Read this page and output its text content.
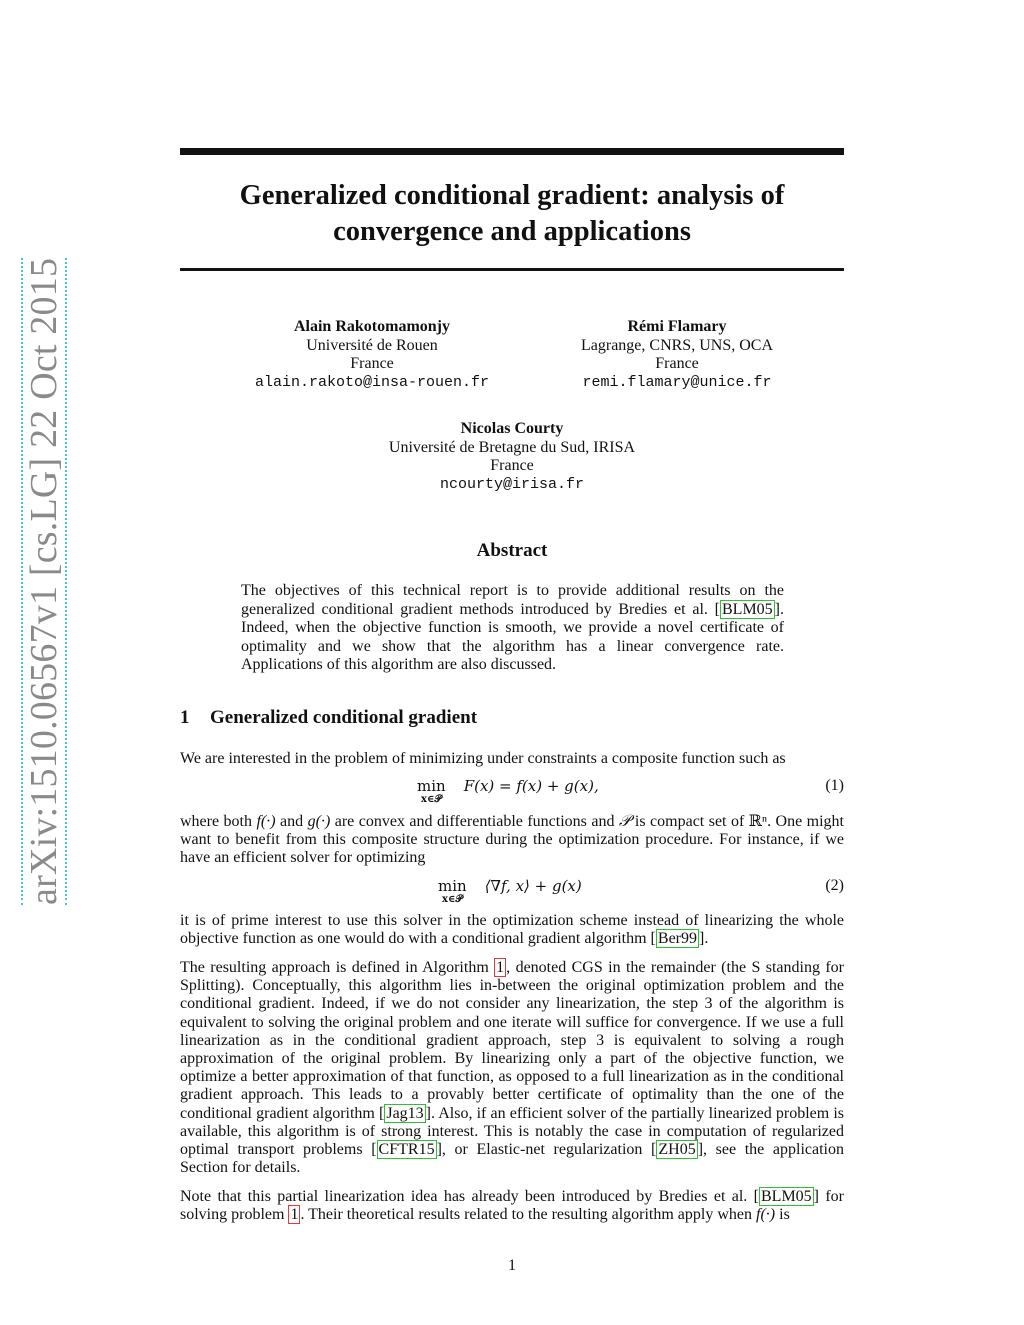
arXiv:1510.06567v1 [cs.LG] 22 Oct 2015
Generalized conditional gradient: analysis of
convergence and applications
Alain Rakotomamonjy
Université de Rouen
France
alain.rakoto@insa-rouen.fr
Rémi Flamary
Lagrange, CNRS, UNS, OCA
France
remi.flamary@unice.fr
Nicolas Courty
Université de Bretagne du Sud, IRISA
France
ncourty@irisa.fr
Abstract
The objectives of this technical report is to provide additional results on the generalized conditional gradient methods introduced by Bredies et al. [ BLM05 ]. Indeed, when the objective function is smooth, we provide a novel certificate of optimality and we show that the algorithm has a linear convergence rate. Applications of this algorithm are also discussed.
1 Generalized conditional gradient

We are interested in the problem of minimizing under constraints a composite function such as

min
x∈𝒫
F(x) = f(x) + g(x),	(1)

where both f(·) and g(·) are convex and differentiable functions and 𝒫 is compact set of ℝⁿ. One might want to benefit from this composite structure during the optimization procedure. For instance, if we have an efficient solver for optimizing

min
x∈𝒫
⟨∇f, x⟩ + g(x)	(2)

it is of prime interest to use this solver in the optimization scheme instead of linearizing the whole objective function as one would do with a conditional gradient algorithm [ Ber99 ].

The resulting approach is defined in Algorithm 1 , denoted CGS in the remainder (the S standing for Splitting). Conceptually, this algorithm lies in-between the original optimization problem and the conditional gradient. Indeed, if we do not consider any linearization, the step 3 of the algorithm is equivalent to solving the original problem and one iterate will suffice for convergence. If we use a full linearization as in the conditional gradient approach, step 3 is equivalent to solving a rough approximation of the original problem. By linearizing only a part of the objective function, we optimize a better approximation of that function, as opposed to a full linearization as in the conditional gradient approach. This leads to a provably better certificate of optimality than the one of the conditional gradient algorithm [ Jag13 ]. Also, if an efficient solver of the partially linearized problem is available, this algorithm is of strong interest. This is notably the case in computation of regularized optimal transport problems [ CFTR15 ], or Elastic-net regularization [ ZH05 ], see the application Section for details.

Note that this partial linearization idea has already been introduced by Bredies et al. [ BLM05 ] for solving problem 1 . Their theoretical results related to the resulting algorithm apply when f(·) is

1
